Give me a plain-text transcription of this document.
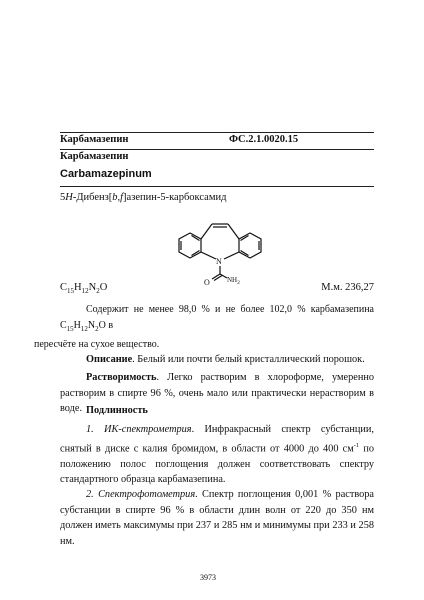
Карбамазепин	ФС.2.1.0020.15
Карбамазепин
Carbamazepinum
5H-Дибенз[b,f]азепин-5-карбоксамид
N
O $NH_2$
$C_{15}H_{12}N_2O$	М.м. 236,27
Содержит не менее 98,0 % и не более 102,0 % карбамазепина $C_{15}H_{12}N_2O$ в
пересчёте на сухое вещество.
Описание. Белый или почти белый кристаллический порошок.
Растворимость. Легко растворим в хлороформе, умеренно растворим в спирте 96 %, очень мало или практически нерастворим в воде. Подлинность
1. ИК-спектрометрия. Инфракрасный спектр субстанции, снятый в диске с калия бромидом, в области от 4000 до 400 $см^{-1}$ по положению полос поглощения должен соответствовать спектру стандартного образца карбамазепина.
2. Спектрофотометрия. Спектр поглощения 0,001 % раствора субстанции в спирте 96 % в области длин волн от 220 до 350 нм должен иметь максимумы при 237 и 285 нм и минимумы при 233 и 258 нм.
3973
